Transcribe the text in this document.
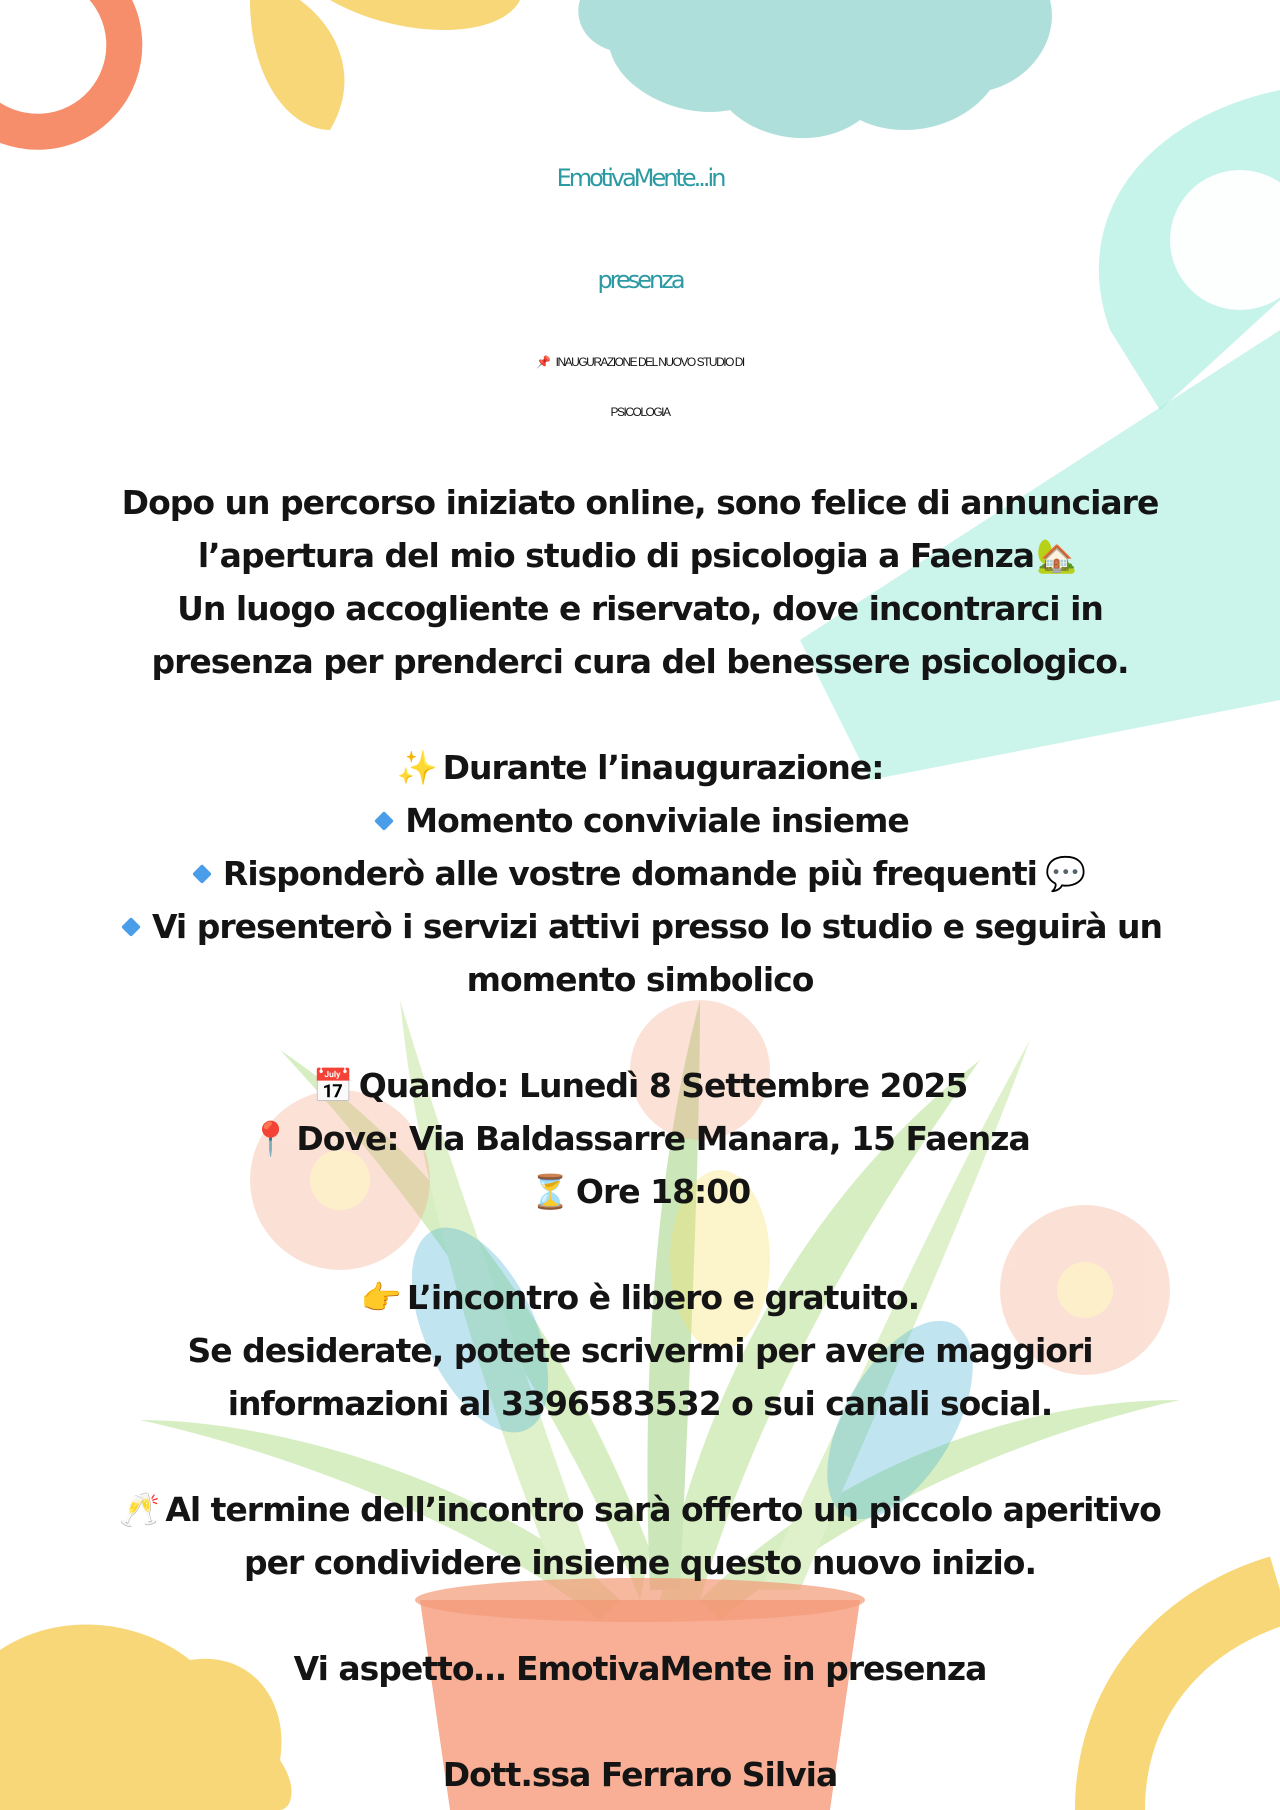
EmotivaMente...in
presenza
📌 INAUGURAZIONE DEL NUOVO STUDIO DI
PSICOLOGIA
Dopo un percorso iniziato online, sono felice di annunciare
l’apertura del mio studio di psicologia a Faenza🏡
Un luogo accogliente e riservato, dove incontrarci in
presenza per prenderci cura del benessere psicologico.
✨ Durante l’inaugurazione:
Momento conviviale insieme
Risponderò alle vostre domande più frequenti 💬
Vi presenterò i servizi attivi presso lo studio e seguirà un
momento simbolico
📅 Quando: Lunedì 8 Settembre 2025
📍 Dove: Via Baldassarre Manara, 15 Faenza
⏳ Ore 18:00
👉 L’incontro è libero e gratuito.
Se desiderate, potete scrivermi per avere maggiori
informazioni al 3396583532 o sui canali social.
🥂 Al termine dell’incontro sarà offerto un piccolo aperitivo
per condividere insieme questo nuovo inizio.
Vi aspetto… EmotivaMente in presenza
Dott.ssa Ferraro Silvia
